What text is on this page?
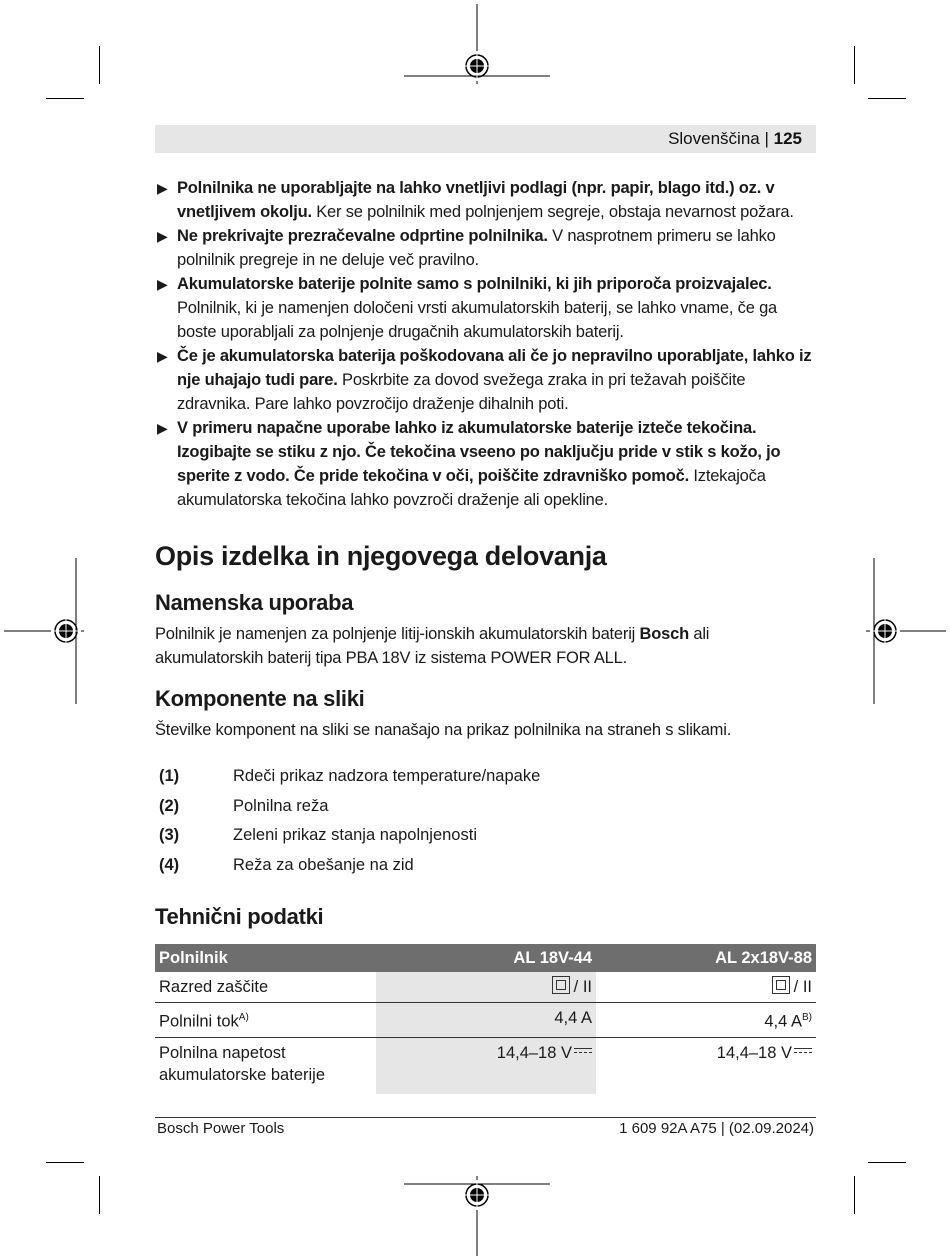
Slovenščina | 125
▶ Polnilnika ne uporabljajte na lahko vnetljivi podlagi (npr. papir, blago itd.) oz. v vnetljivem okolju. Ker se polnilnik med polnjenjem segreje, obstaja nevarnost požara.
▶ Ne prekrivajte prezračevalne odprtine polnilnika. V nasprotnem primeru se lahko polnilnik pregreje in ne deluje več pravilno.
▶ Akumulatorske baterije polnite samo s polnilniki, ki jih priporoča proizvajalec. Polnilnik, ki je namenjen določeni vrsti akumulatorskih baterij, se lahko vname, če ga boste uporabljali za polnjenje drugačnih akumulatorskih baterij.
▶ Če je akumulatorska baterija poškodovana ali če jo nepravilno uporabljate, lahko iz nje uhajajo tudi pare. Poskrbite za dovod svežega zraka in pri težavah poiščite zdravnika. Pare lahko povzročijo draženje dihalnih poti.
▶ V primeru napačne uporabe lahko iz akumulatorske baterije izteče tekočina. Izogibajte se stiku z njo. Če tekočina vseeno po naključju pride v stik s kožo, jo sperite z vodo. Če pride tekočina v oči, poiščite zdravniško pomoč. Iztekajoča akumulatorska tekočina lahko povzroči draženje ali opekline.
Opis izdelka in njegovega delovanja
Namenska uporaba

Polnilnik je namenjen za polnjenje litij-ionskih akumulatorskih baterij Bosch ali akumulatorskih baterij tipa PBA 18V iz sistema POWER FOR ALL.

Komponente na sliki

Številke komponent na sliki se nanašajo na prikaz polnilnika na straneh s slikami.

(1)	Rdeči prikaz nadzora temperature/napake
(2)	Polnilna reža
(3)	Zeleni prikaz stanja napolnjenosti
(4)	Reža za obešanje na zid
Tehnični podatki
Polnilnik	AL 18V-44	AL 2x18V-88
Razred zaščite	/ II	/ II
Polnilni tok$^{A)}$	4,4 A	4,4 $A^{B)}$
Polnilna napetost
akumulatorske baterije	14,4–18 V	14,4–18 V
Bosch Power Tools	1 609 92A A75 | (02.09.2024)
